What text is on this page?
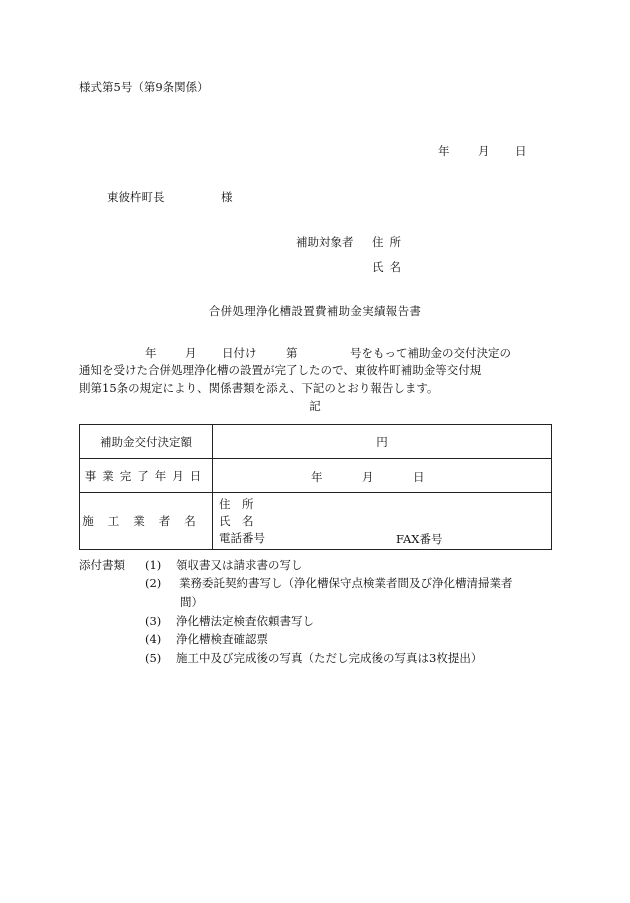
様式第5号（第9条関係）
年 月 日
東彼杵町長	様
補助対象者 住所
氏名
合併処理浄化槽設置費補助金実績報告書
年 月 日付け	第	号をもって補助金の交付決定の
通知を受けた合併処理浄化槽の設置が完了したので、東彼杵町補助金等交付規
則第15条の規定により、関係書類を添え、下記のとおり報告します。
記
補助金交付決定額	円
事業完了年月日	年 月 日

施工業者名	住　所
氏　名
電話番号 FAX番号
添付書類 (1) 領収書又は請求書の写し
(2) 業務委託契約書写し（浄化槽保守点検業者間及び浄化槽清掃業者
間）
(3) 浄化槽法定検査依頼書写し
(4) 浄化槽検査確認票
(5) 施工中及び完成後の写真（ただし完成後の写真は3枚提出）
